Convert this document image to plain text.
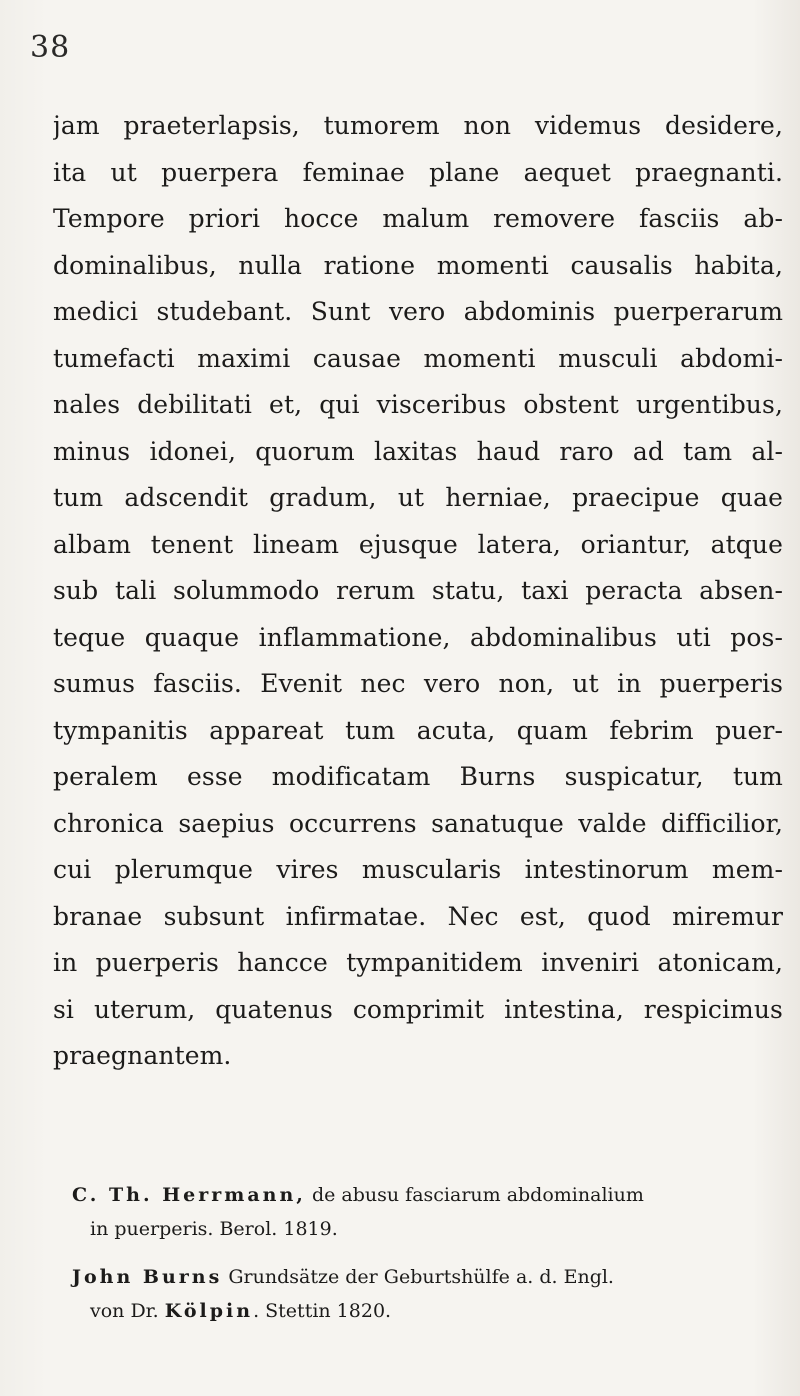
38
jam praeterlapsis, tumorem non videmus desidere,
ita ut puerpera feminae plane aequet praegnanti.
Tempore priori hocce malum removere fasciis ab-
dominalibus, nulla ratione momenti causalis habita,
medici studebant. Sunt vero abdominis puerperarum
tumefacti maximi causae momenti musculi abdomi-
nales debilitati et, qui visceribus obstent urgentibus,
minus idonei, quorum laxitas haud raro ad tam al-
tum adscendit gradum, ut herniae, praecipue quae
albam tenent lineam ejusque latera, oriantur, atque
sub tali solummodo rerum statu, taxi peracta absen-
teque quaque inflammatione, abdominalibus uti pos-
sumus fasciis. Evenit nec vero non, ut in puerperis
tympanitis appareat tum acuta, quam febrim puer-
peralem esse modificatam Burns suspicatur, tum
chronica saepius occurrens sanatuque valde difficilior,
cui plerumque vires muscularis intestinorum mem-
branae subsunt infirmatae. Nec est, quod miremur
in puerperis hancce tympanitidem inveniri atonicam,
si uterum, quatenus comprimit intestina, respicimus
praegnantem.
C. Th. Herrmann, de abusu fasciarum abdominalium
in puerperis. Berol. 1819.
John Burns Grundsätze der Geburtshülfe a. d. Engl.
von Dr. Kölpin. Stettin 1820.
